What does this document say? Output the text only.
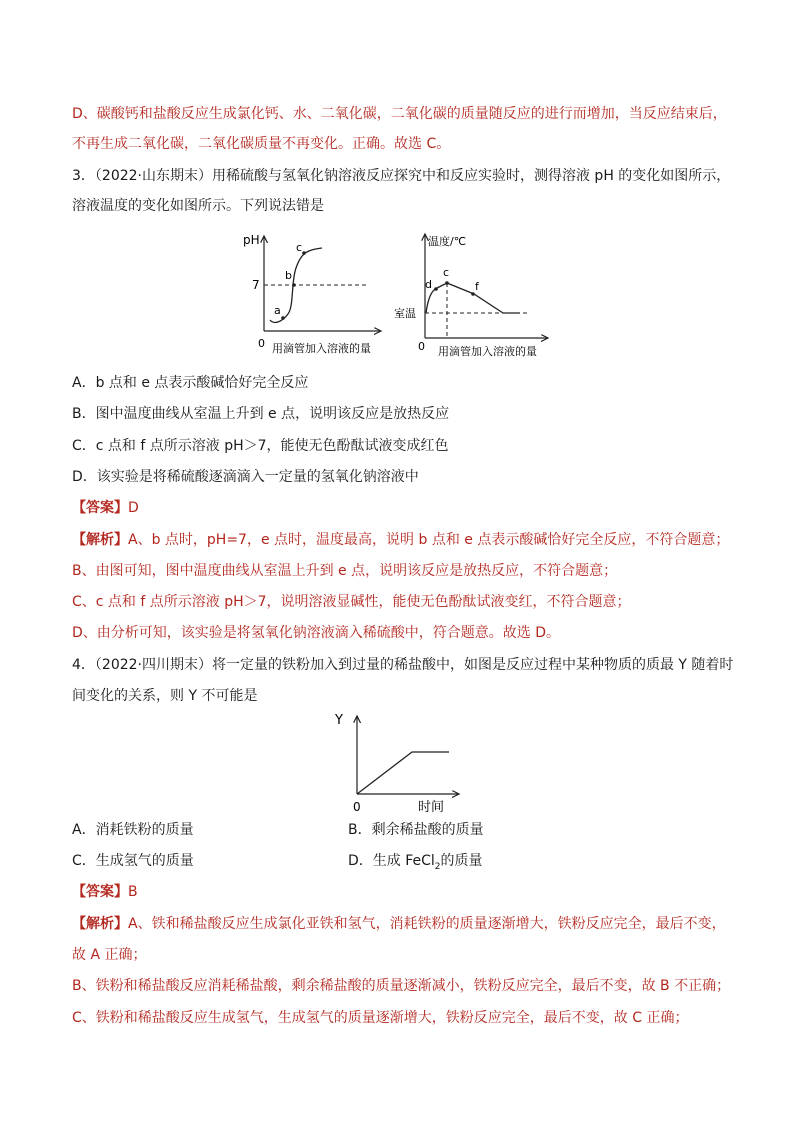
D、碳酸钙和盐酸反应生成氯化钙、水、二氧化碳，二氧化碳的质量随反应的进行而增加，当反应结束后，
不再生成二氧化碳，二氧化碳质量不再变化。正确。故选 C。
3．（2022·山东期末）用稀硫酸与氢氧化钠溶液反应探究中和反应实验时，测得溶液 pH 的变化如图所示，
溶液温度的变化如图所示。下列说法错是
pH
7
a
b
c
0 用滴管加入溶液的量
温度/℃
室温
d
c
f
0 用滴管加入溶液的量
A．b 点和 e 点表示酸碱恰好完全反应
B．图中温度曲线从室温上升到 e 点，说明该反应是放热反应
C．c 点和 f 点所示溶液 pH＞7，能使无色酚酞试液变成红色
D．该实验是将稀硫酸逐滴滴入一定量的氢氧化钠溶液中
【答案】D
【解析】A、b 点时，pH=7，e 点时，温度最高，说明 b 点和 e 点表示酸碱恰好完全反应，不符合题意；
B、由图可知，图中温度曲线从室温上升到 e 点，说明该反应是放热反应，不符合题意；
C、c 点和 f 点所示溶液 pH＞7，说明溶液显碱性，能使无色酚酞试液变红，不符合题意；
D、由分析可知，该实验是将氢氧化钠溶液滴入稀硫酸中，符合题意。故选 D。
4．（2022·四川期末）将一定量的铁粉加入到过量的稀盐酸中，如图是反应过程中某种物质的质最 Y 随着时
间变化的关系，则 Y 不可能是
Y
0	时间
A．消耗铁粉的质量	B．剩余稀盐酸的质量
C．生成氢气的质量	D．生成 FeCl$_2$的质量
【答案】B
【解析】A、铁和稀盐酸反应生成氯化亚铁和氢气，消耗铁粉的质量逐渐增大，铁粉反应完全，最后不变，
故 A 正确；
B、铁粉和稀盐酸反应消耗稀盐酸，剩余稀盐酸的质量逐渐减小，铁粉反应完全，最后不变，故 B 不正确；
C、铁粉和稀盐酸反应生成氢气，生成氢气的质量逐渐增大，铁粉反应完全，最后不变，故 C 正确；
